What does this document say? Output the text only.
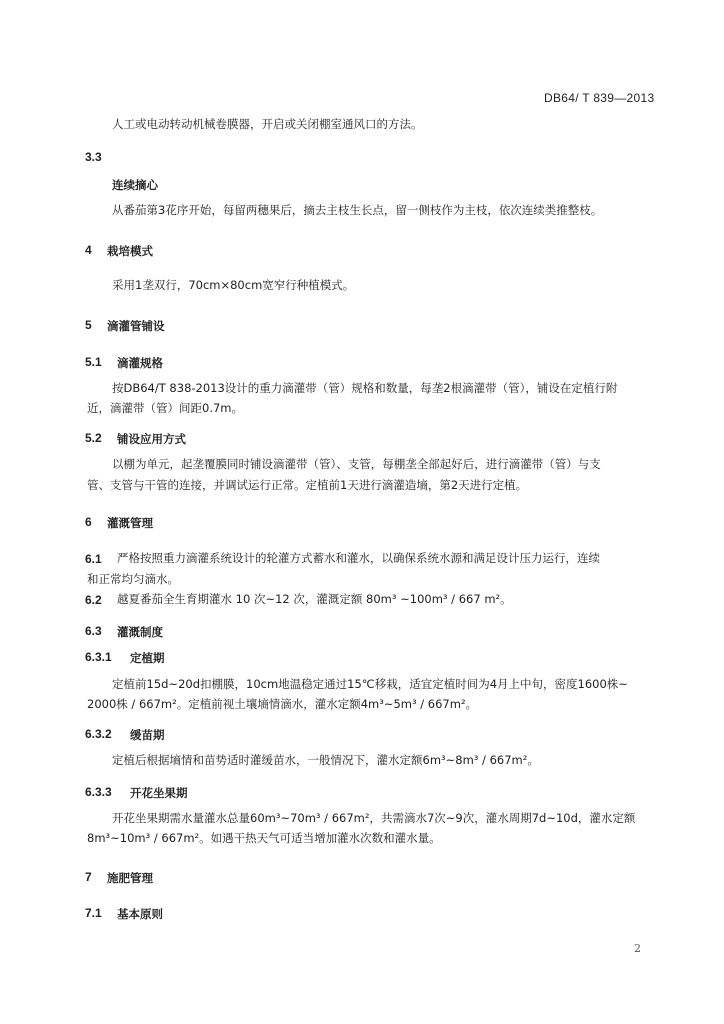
DB64/ T 839—2013
人工或电动转动机械卷膜器，开启或关闭棚室通风口的方法。
3.3
连续摘心
从番茄第3花序开始，每留两穗果后，摘去主枝生长点，留一侧枝作为主枝，依次连续类推整枝。
4 栽培模式
采用1垄双行，70cm×80cm宽窄行种植模式。
5 滴灌管铺设
5.1 滴灌规格
按DB64/T 838-2013设计的重力滴灌带（管）规格和数量，每垄2根滴灌带（管），铺设在定植行附
近，滴灌带（管）间距0.7m。
5.2 铺设应用方式
以棚为单元，起垄覆膜同时铺设滴灌带（管）、支管，每棚垄全部起好后，进行滴灌带（管）与支
管、支管与干管的连接，并调试运行正常。定植前1天进行滴灌造墒，第2天进行定植。
6 灌溉管理
6.1 严格按照重力滴灌系统设计的轮灌方式蓄水和灌水，以确保系统水源和满足设计压力运行，连续
和正常均匀滴水。
6.2 越夏番茄全生育期灌水 10 次~12 次，灌溉定额 80m³ ~100m³ / 667 m²。
6.3 灌溉制度
6.3.1 定植期
定植前15d~20d扣棚膜，10cm地温稳定通过15℃移栽，适宜定植时间为4月上中旬，密度1600株~
2000株 / 667m²。定植前视土壤墒情滴水，灌水定额4m³~5m³ / 667m²。
6.3.2 缓苗期
定植后根据墒情和苗势适时灌缓苗水，一般情况下，灌水定额6m³~8m³ / 667m²。
6.3.3 开花坐果期
开花坐果期需水量灌水总量60m³~70m³ / 667m²，共需滴水7次~9次，灌水周期7d~10d，灌水定额
8m³~10m³ / 667m²。如遇干热天气可适当增加灌水次数和灌水量。
7 施肥管理
7.1 基本原则
2
